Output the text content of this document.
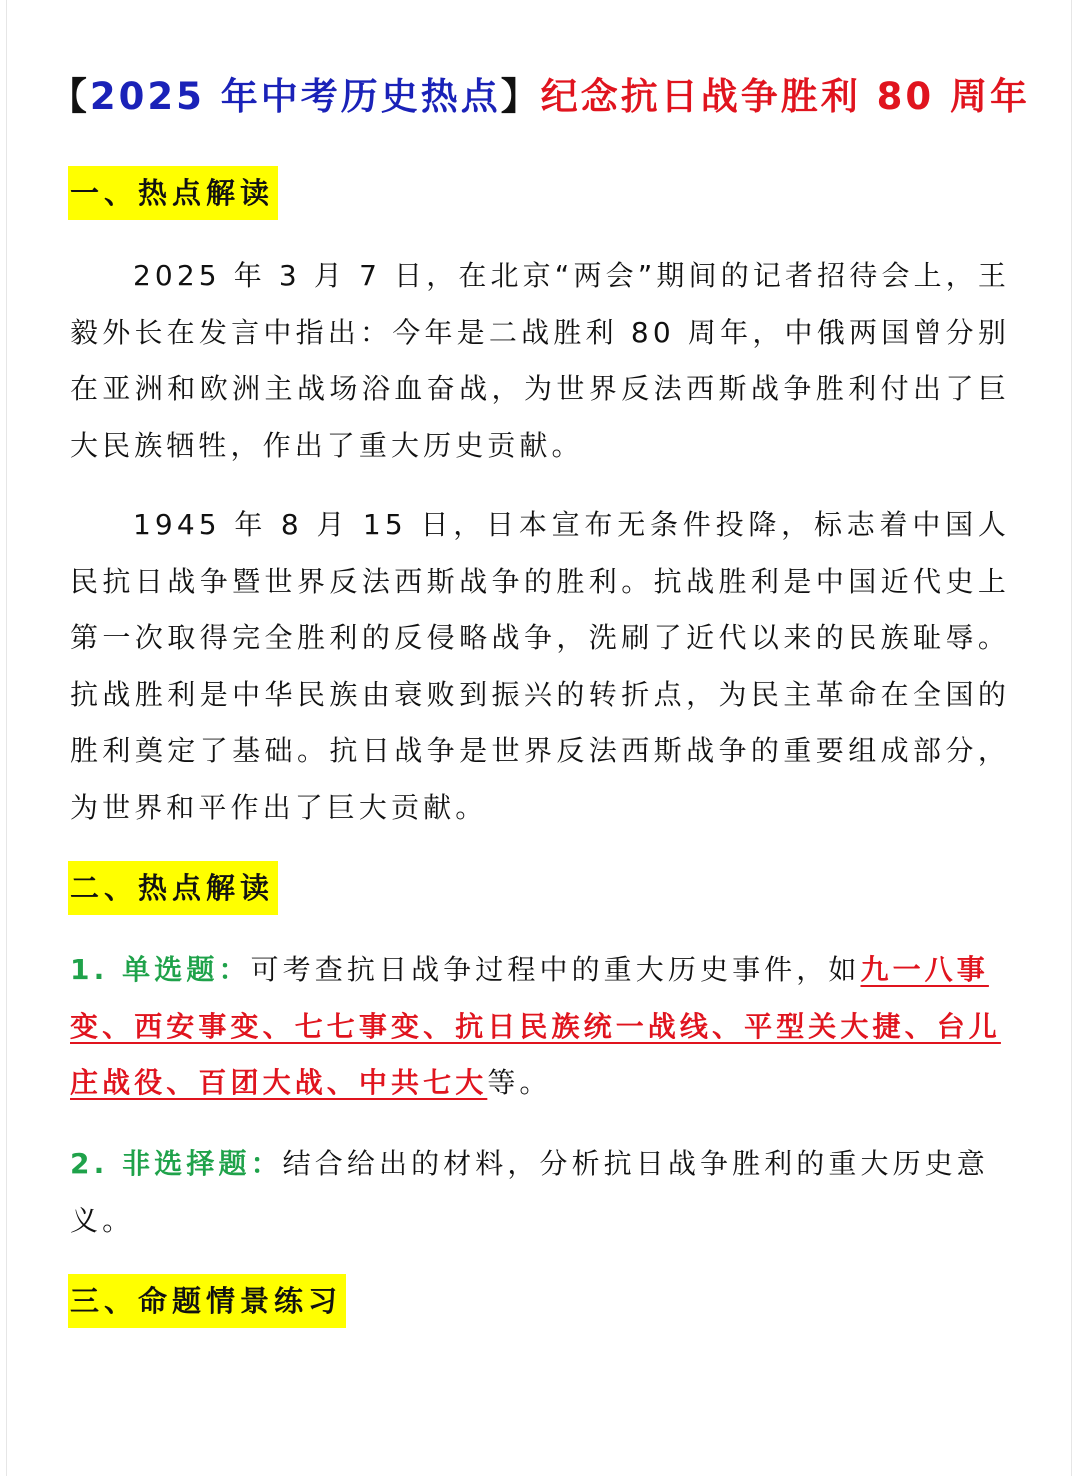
【2025 年中考历史热点】纪念抗日战争胜利 80 周年
一、热点解读

2025 年 3 月 7 日，在北京“两会”期间的记者招待会上，王毅外长在发言中指出：今年是二战胜利 80 周年，中俄两国曾分别在亚洲和欧洲主战场浴血奋战，为世界反法西斯战争胜利付出了巨大民族牺牲，作出了重大历史贡献。

1945 年 8 月 15 日，日本宣布无条件投降，标志着中国人民抗日战争暨世界反法西斯战争的胜利。抗战胜利是中国近代史上第一次取得完全胜利的反侵略战争，洗刷了近代以来的民族耻辱。抗战胜利是中华民族由衰败到振兴的转折点，为民主革命在全国的胜利奠定了基础。抗日战争是世界反法西斯战争的重要组成部分，为世界和平作出了巨大贡献。

二、热点解读

1. 单选题：可考查抗日战争过程中的重大历史事件，如九一八事变、西安事变、七七事变、抗日民族统一战线、平型关大捷、台儿庄战役、百团大战、中共七大等。

2. 非选择题：结合给出的材料，分析抗日战争胜利的重大历史意义。

三、命题情景练习
